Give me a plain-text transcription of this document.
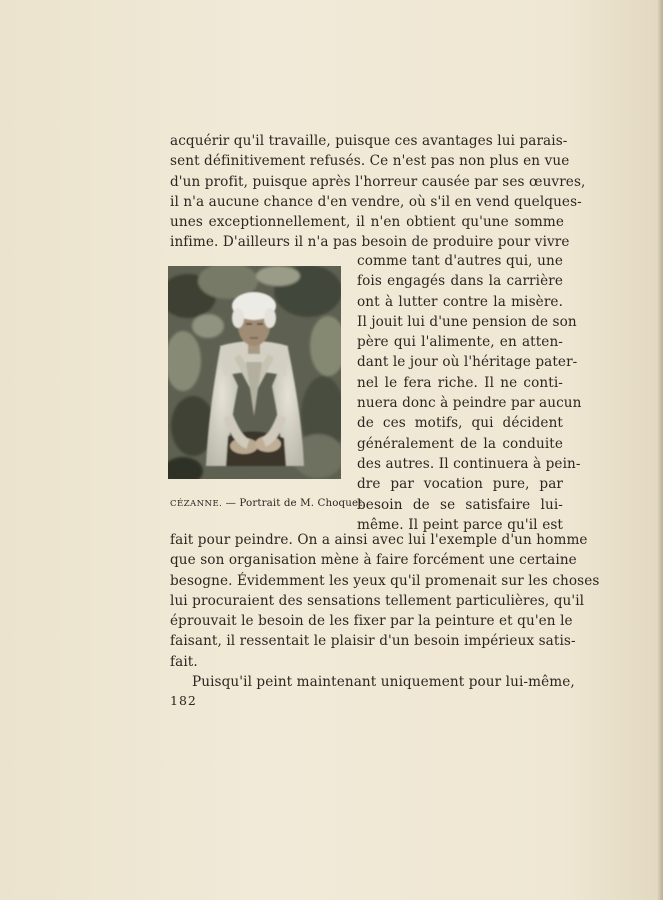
acquérir qu'il travaille, puisque ces avantages lui parais-
sent définitivement refusés. Ce n'est pas non plus en vue
d'un profit, puisque après l'horreur causée par ses œuvres,
il n'a aucune chance d'en vendre, où s'il en vend quelques-
unes exceptionnellement, il n'en obtient qu'une somme
infime. D'ailleurs il n'a pas besoin de produire pour vivre
CÉZANNE. — Portrait de M. Choquet.
comme tant d'autres qui, une
fois engagés dans la carrière
ont à lutter contre la misère.
Il jouit lui d'une pension de son
père qui l'alimente, en atten-
dant le jour où l'héritage pater-
nel le fera riche. Il ne conti-
nuera donc à peindre par aucun
de ces motifs, qui décident
généralement de la conduite
des autres. Il continuera à pein-
dre par vocation pure, par
besoin de se satisfaire lui-
même. Il peint parce qu'il est
fait pour peindre. On a ainsi avec lui l'exemple d'un homme
que son organisation mène à faire forcément une certaine
besogne. Évidemment les yeux qu'il promenait sur les choses
lui procuraient des sensations tellement particulières, qu'il
éprouvait le besoin de les fixer par la peinture et qu'en le
faisant, il ressentait le plaisir d'un besoin impérieux satis-
fait.
Puisqu'il peint maintenant uniquement pour lui-même,
182
